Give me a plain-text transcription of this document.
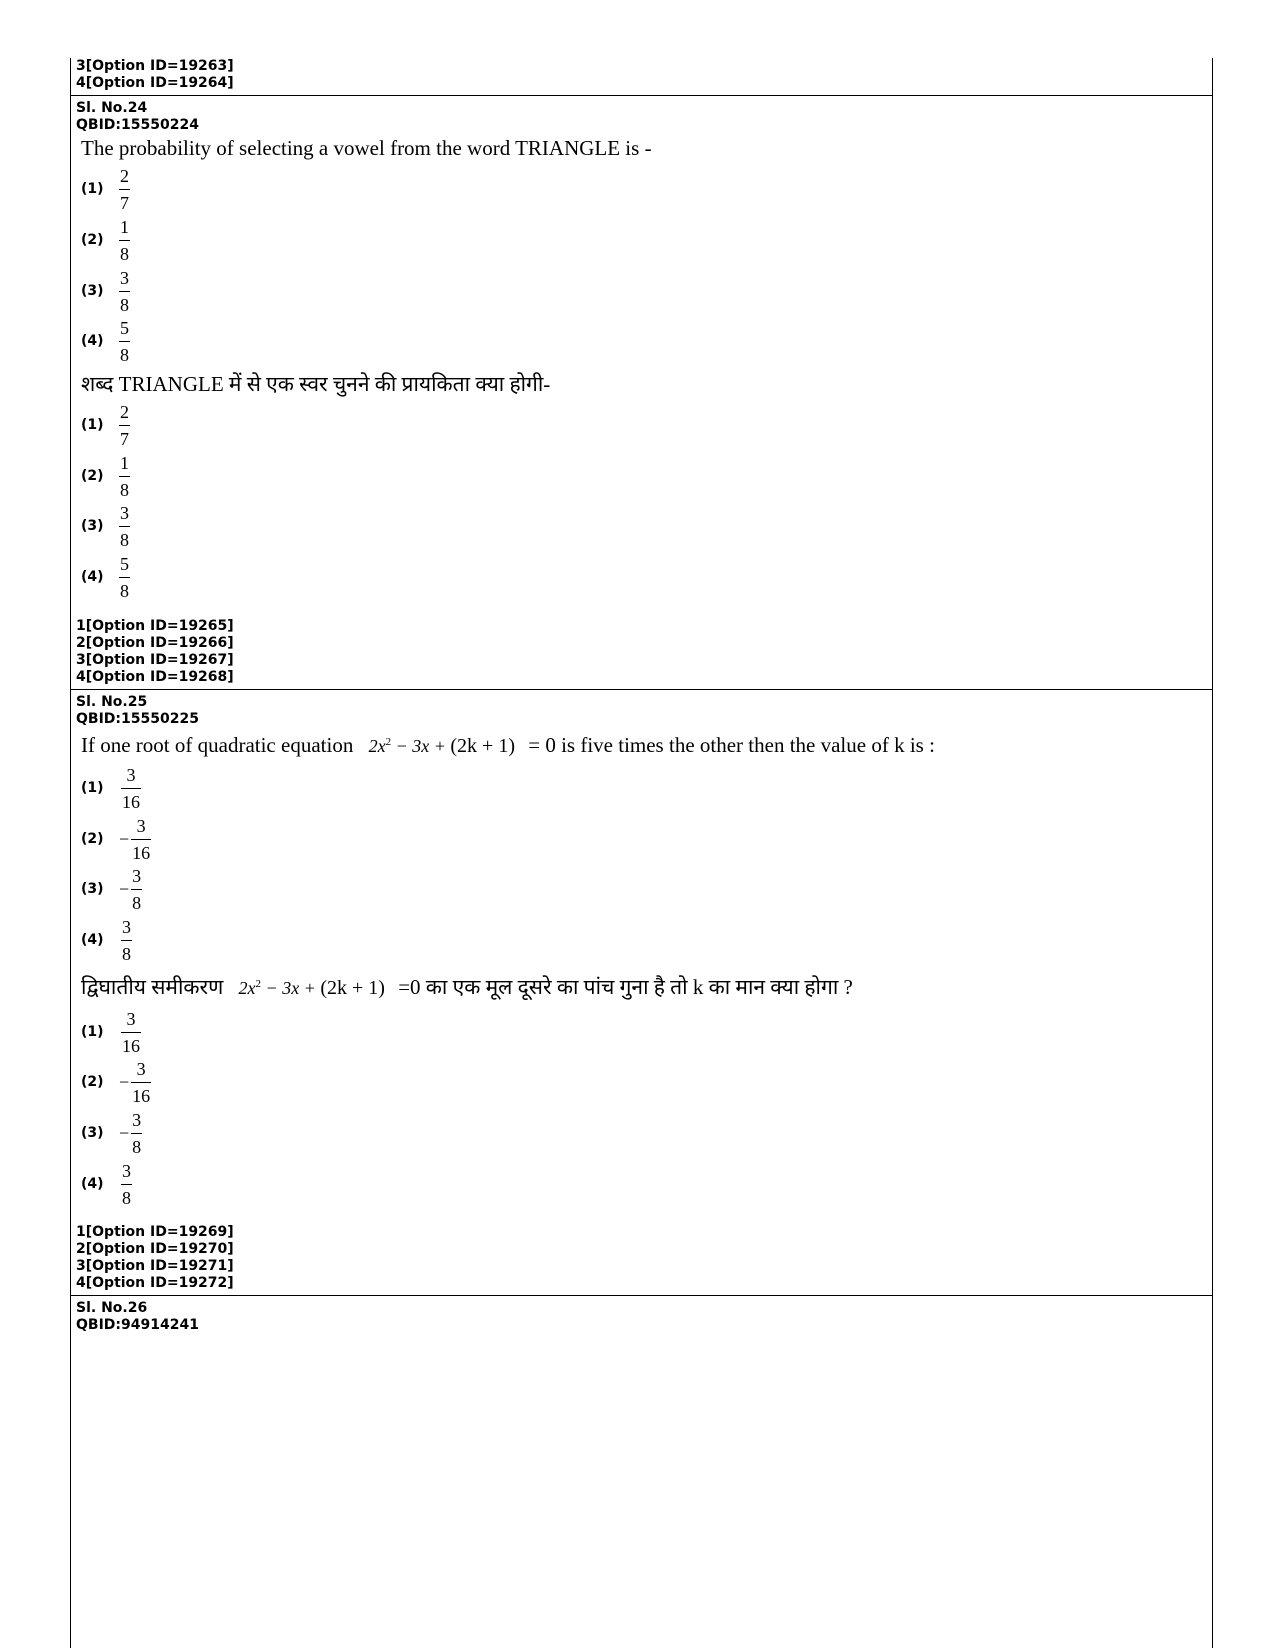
3[Option ID=19263]
4[Option ID=19264]
Sl. No.24
QBID:15550224
The probability of selecting a vowel from the word TRIANGLE is -
$(1) \frac{2}{7}$
$(2) \frac{1}{8}$
$(3) \frac{3}{8}$
$(4) \frac{5}{8}$
शब्द TRIANGLE में से एक स्वर चुनने की प्रायकिता क्या होगी-
$(1) \frac{2}{7}$
$(2) \frac{1}{8}$
$(3) \frac{3}{8}$
$(4) \frac{5}{8}$
1[Option ID=19265]
2[Option ID=19266]
3[Option ID=19267]
4[Option ID=19268]
Sl. No.25
QBID:15550225
If one root of quadratic equation $2x^2 - 3x + (2k + 1) = 0$ is five times the other then the value of k is :
$(1) \frac{3}{16}$
$(2) - \frac{3}{16}$
$(3) - \frac{3}{8}$
$(4) \frac{3}{8}$
द्विघातीय समीकरण $2x^2 - 3x + (2k + 1) =0$ का एक मूल दूसरे का पांच गुना है तो k का मान क्या होगा ?
$(1) \frac{3}{16}$
$(2) - \frac{3}{16}$
$(3) - \frac{3}{8}$
$(4) \frac{3}{8}$
1[Option ID=19269]
2[Option ID=19270]
3[Option ID=19271]
4[Option ID=19272]
Sl. No.26
QBID:94914241
